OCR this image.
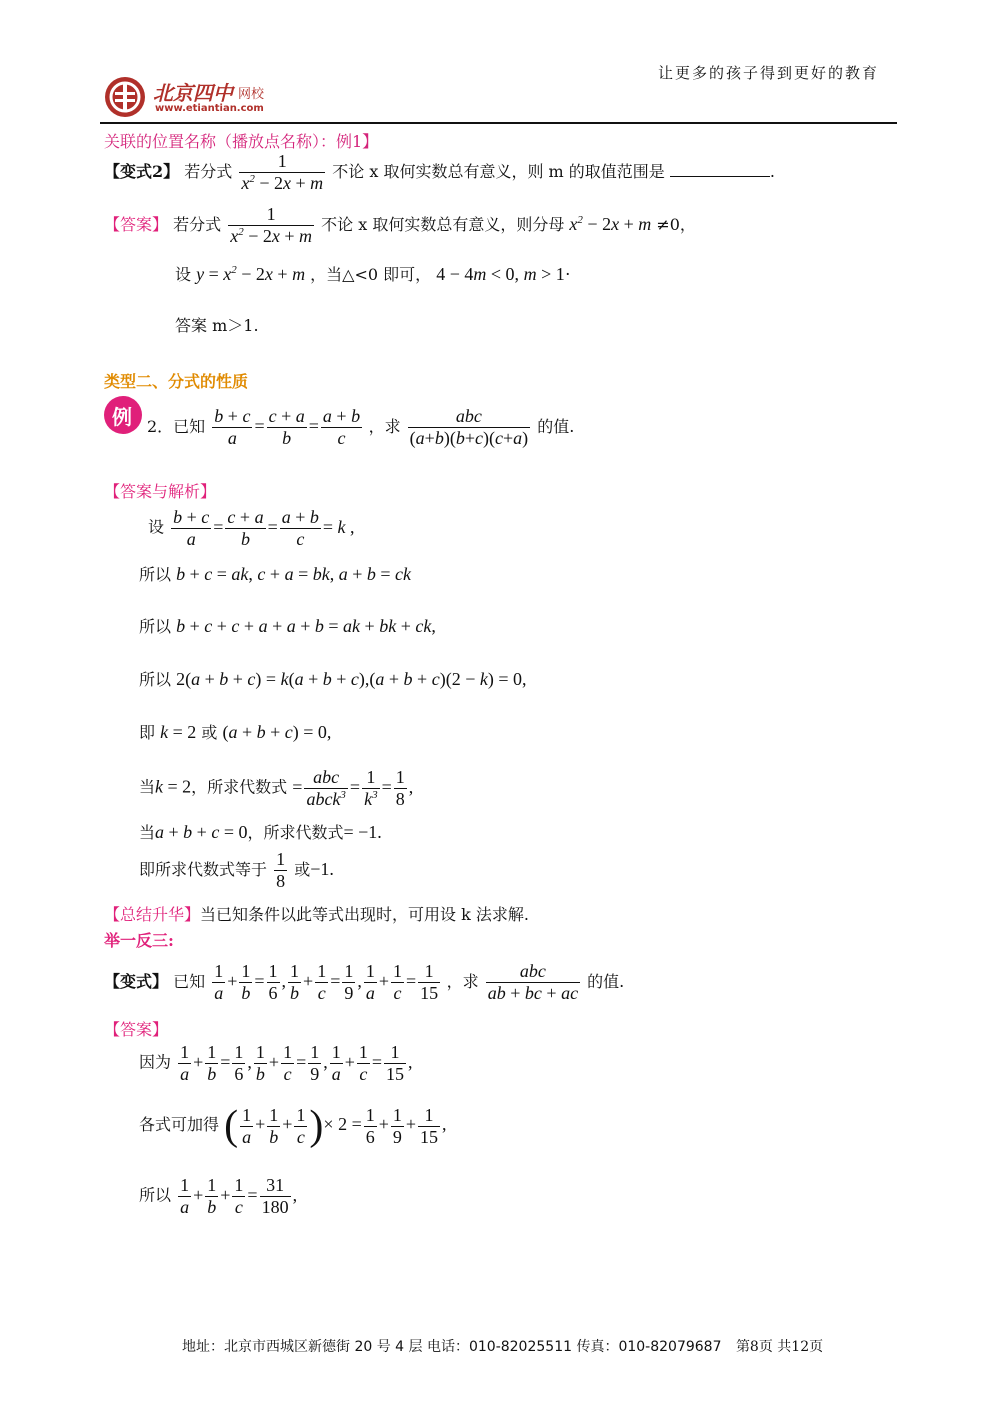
让更多的孩子得到更好的教育
北京四中 网校
www.etiantian.com
关联的位置名称（播放点名称）：例1】
【变式2】 若分式 $\frac{1}{x^2 - 2x + m}$ 不论 x 取何实数总有意义，则 m 的取值范围是	.
【答案】 若分式 $\frac{1}{x^2 - 2x + m}$ 不论 x 取何实数总有意义，则分母 $x^2 - 2x + m \ne 0$，
设 $y = x^2 - 2x + m$ ，当△<0 即可， 4 − 4m < 0, m > 1·
答案 m＞1.
类型二、分式的性质
例 2．已知 $\frac{b + c}{a} = \frac{c + a}{b} = \frac{a + b}{c}$ ，求 $\frac{\text{abc}}{(a+b)(b+c)(c+a)}$ 的值.
【答案与解析】
设 $\frac{b + c}{a} = \frac{c + a}{b} = \frac{a + b}{c} = k$ ,
所以 b + c = ak, c + a = bk, a + b = ck
所以 b + c + c + a + a + b = ak + bk + ck,
所以 2(a + b + c) = k(a + b + c),(a + b + c)(2 − k) = 0,
即 k = 2 或 (a + b + c) = 0,
当k = 2，所求代数式 = $\frac{\text{abc}}{abck^3} = \frac{1}{k^3} = \frac{1}{8}$ ,
当a + b + c = 0，所求代数式= −1.
即所求代数式等于 $\frac{1}{8}$ 或−1.
【总结升华】当已知条件以此等式出现时，可用设 k 法求解.
举一反三:
【变式】 已知 $\frac{1}{a} + \frac{1}{b} = \frac{1}{6}$ , $\frac{1}{b} + \frac{1}{c} = \frac{1}{9}$ , $\frac{1}{a} + \frac{1}{c} = \frac{1}{15}$ ，求 $\frac{\text{abc}}{ab + bc + ac}$ 的值.
【答案】
因为 $\frac{1}{a} + \frac{1}{b} = \frac{1}{6}$ , $\frac{1}{b} + \frac{1}{c} = \frac{1}{9}$ , $\frac{1}{a} + \frac{1}{c} = \frac{1}{15}$ ,
各式可加得 ( $\frac{1}{a} + \frac{1}{b} + \frac{1}{c}$ )× $2 = \frac{1}{6} + \frac{1}{9} + \frac{1}{15}$ ,
所以 $\frac{1}{a} + \frac{1}{b} + \frac{1}{c} = \frac{31}{180}$ ,
地址：北京市西城区新德街 20 号 4 层 电话：010-82025511 传真：010-82079687 第8页 共12页
